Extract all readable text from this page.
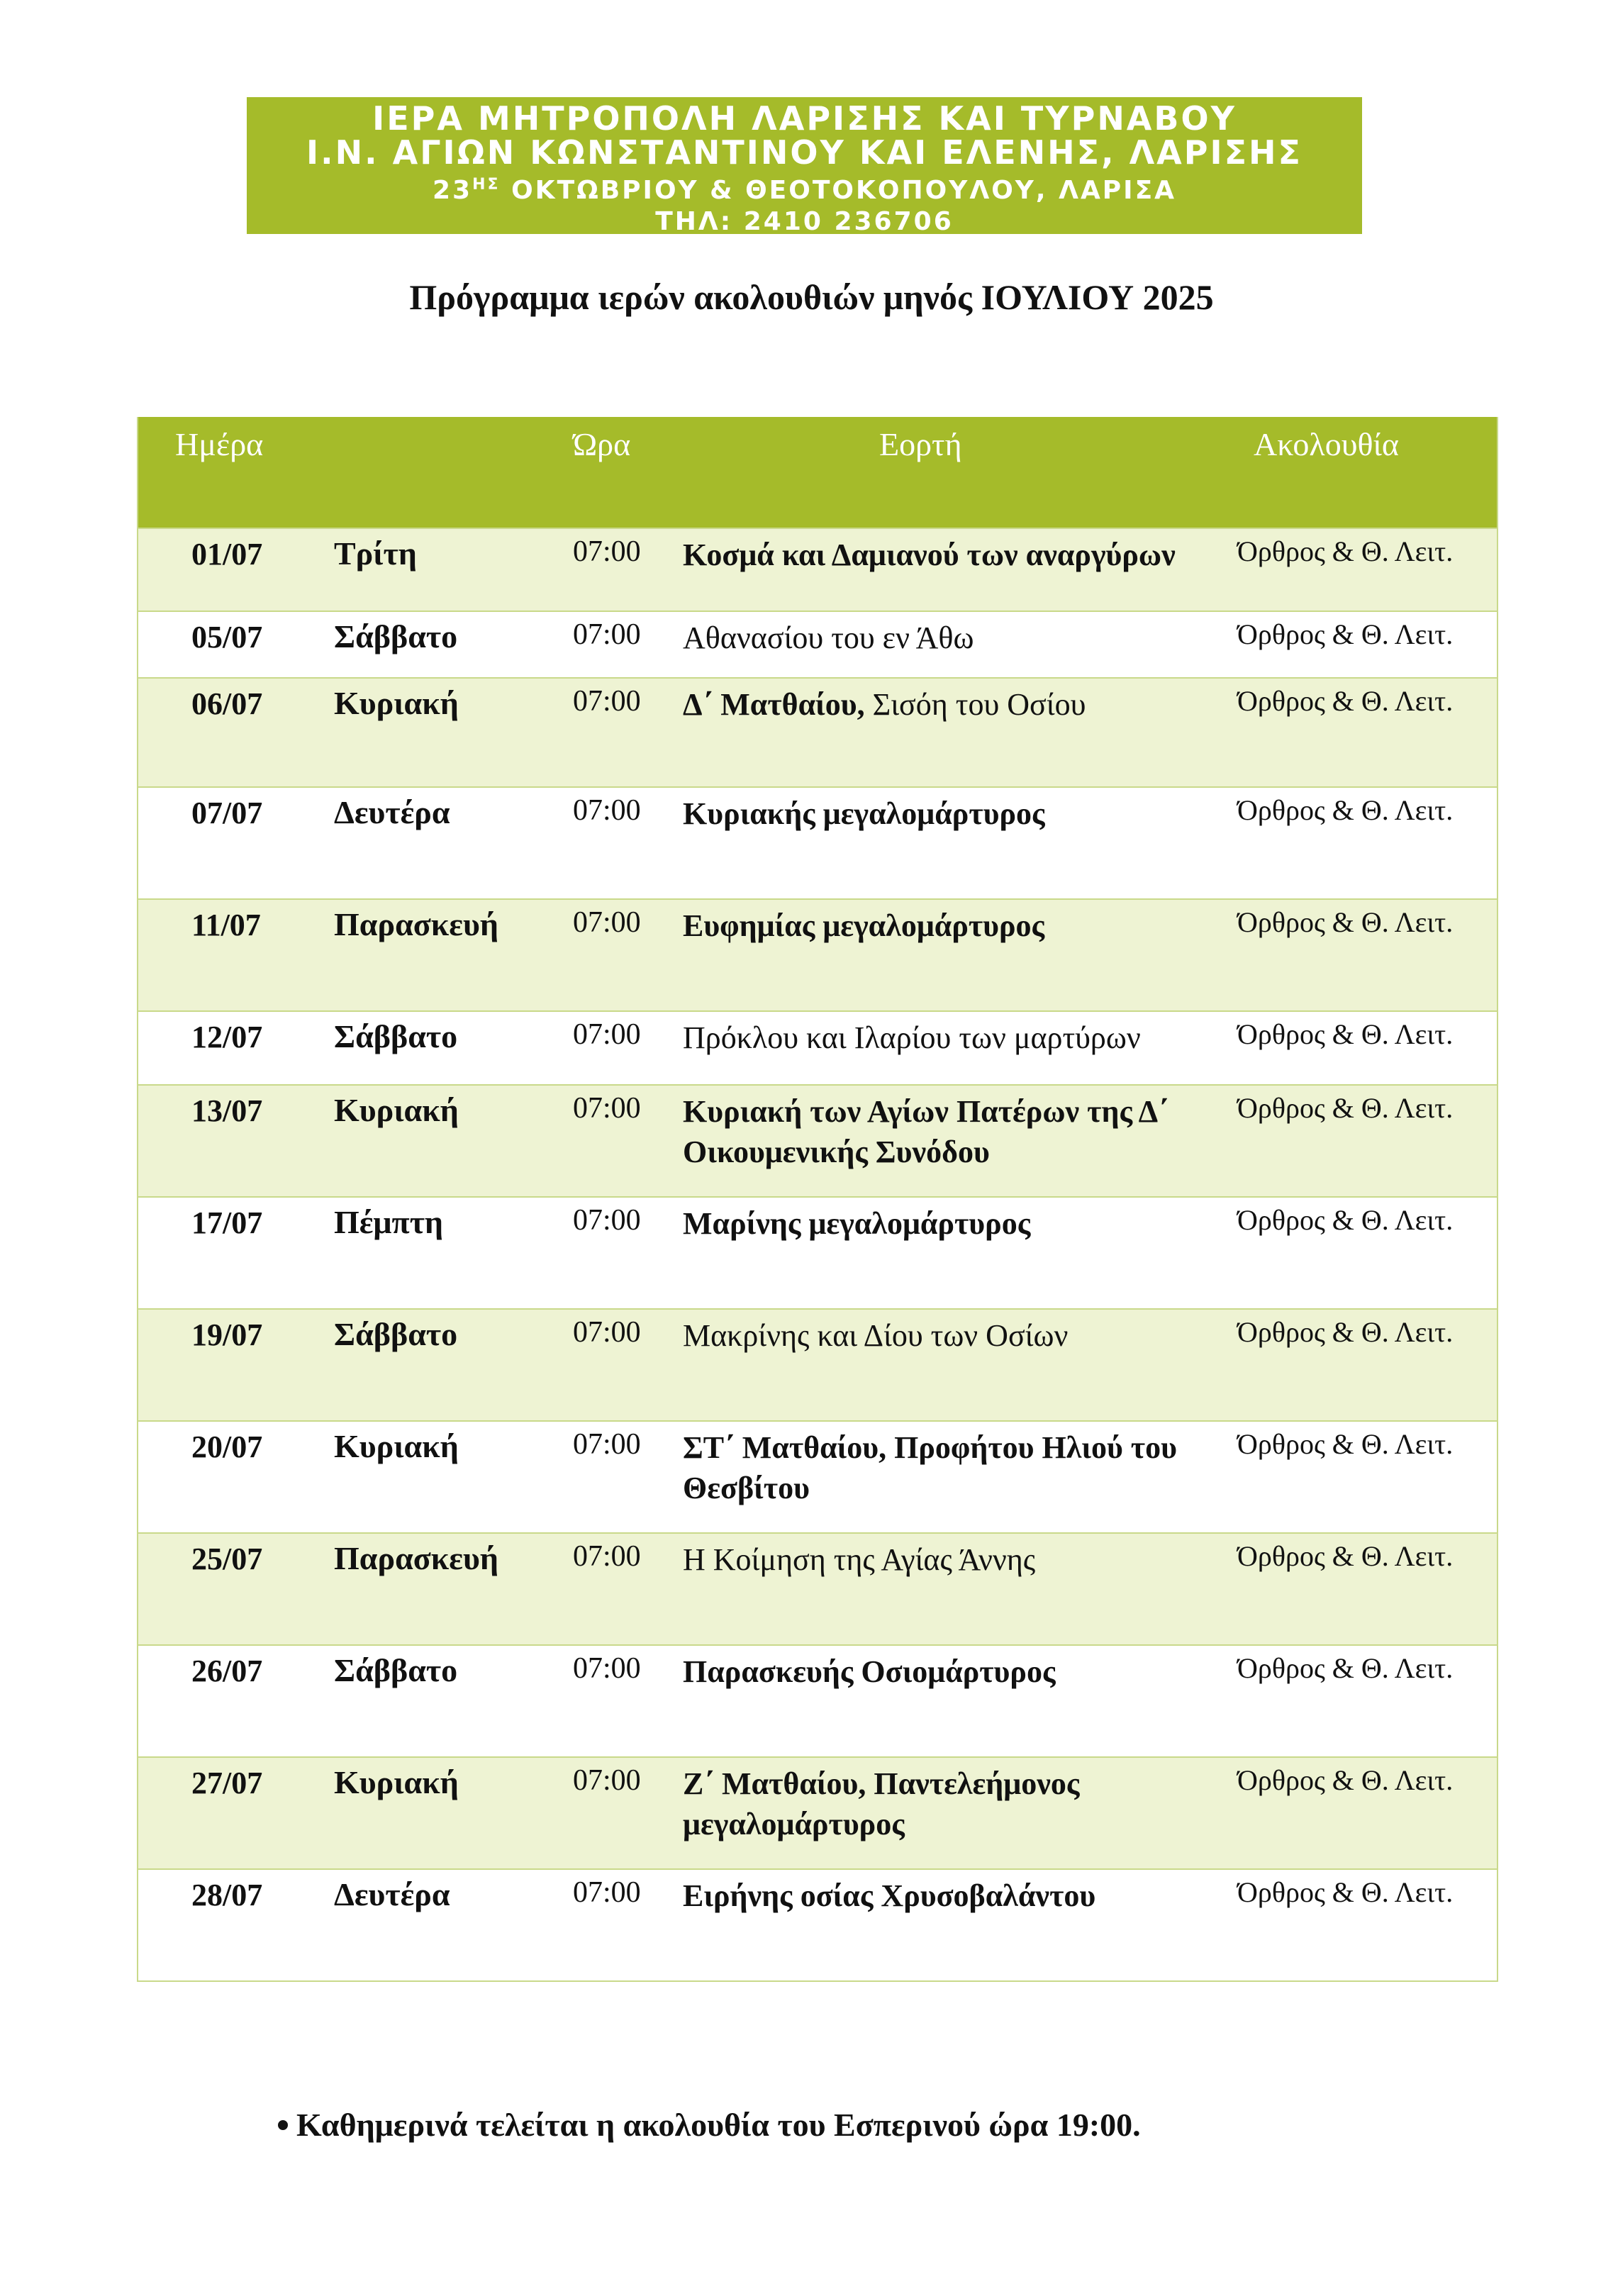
ΙΕΡΑ ΜΗΤΡΟΠΟΛΗ ΛΑΡΙΣΗΣ ΚΑΙ ΤΥΡΝΑΒΟΥ
Ι.Ν. ΑΓΙΩΝ ΚΩΝΣΤΑΝΤΙΝΟΥ ΚΑΙ ΕΛΕΝΗΣ, ΛΑΡΙΣΗΣ
$23^{H\Sigma}$ ΟΚΤΩΒΡΙΟΥ & ΘΕΟΤΟΚΟΠΟΥΛΟΥ, ΛΑΡΙΣΑ
ΤΗΛ: 2410 236706
Πρόγραμμα ιερών ακολουθιών μηνός ΙΟΥΛΙΟΥ 2025
Ημέρα	Ώρα	Εορτή	Ακολουθία
01/07 Τρίτη	07:00 Κοσμά και Δαμιανού των αναργύρων	Όρθρος & Θ. Λειτ.
05/07 Σάββατο	07:00 Αθανασίου του εν Άθω	Όρθρος & Θ. Λειτ.
06/07 Κυριακή	07:00 Δ΄ Ματθαίου, Σισόη του Οσίου	Όρθρος & Θ. Λειτ.
07/07 Δευτέρα	07:00 Κυριακής μεγαλομάρτυρος	Όρθρος & Θ. Λειτ.
11/07 Παρασκευή	07:00 Ευφημίας μεγαλομάρτυρος	Όρθρος & Θ. Λειτ.
12/07 Σάββατο	07:00 Πρόκλου και Ιλαρίου των μαρτύρων	Όρθρος & Θ. Λειτ.
13/07 Κυριακή	07:00 Κυριακή των Αγίων Πατέρων της Δ΄ Οικουμενικής Συνόδου
Όρθρος & Θ. Λειτ.
17/07 Πέμπτη	07:00 Μαρίνης μεγαλομάρτυρος	Όρθρος & Θ. Λειτ.
19/07 Σάββατο	07:00 Μακρίνης και Δίου των Οσίων	Όρθρος & Θ. Λειτ.
20/07 Κυριακή	07:00 ΣΤ΄ Ματθαίου, Προφήτου Ηλιού του Θεσβίτου
Όρθρος & Θ. Λειτ.
25/07 Παρασκευή	07:00 Η Κοίμηση της Αγίας Άννης	Όρθρος & Θ. Λειτ.
26/07 Σάββατο	07:00 Παρασκευής Οσιομάρτυρος	Όρθρος & Θ. Λειτ.
27/07 Κυριακή	07:00 Ζ΄ Ματθαίου, Παντελεήμονος μεγαλομάρτυρος
Όρθρος & Θ. Λειτ.
28/07 Δευτέρα	07:00 Ειρήνης οσίας Χρυσοβαλάντου	Όρθρος & Θ. Λειτ.
Καθημερινά τελείται η ακολουθία του Εσπερινού ώρα 19:00.
